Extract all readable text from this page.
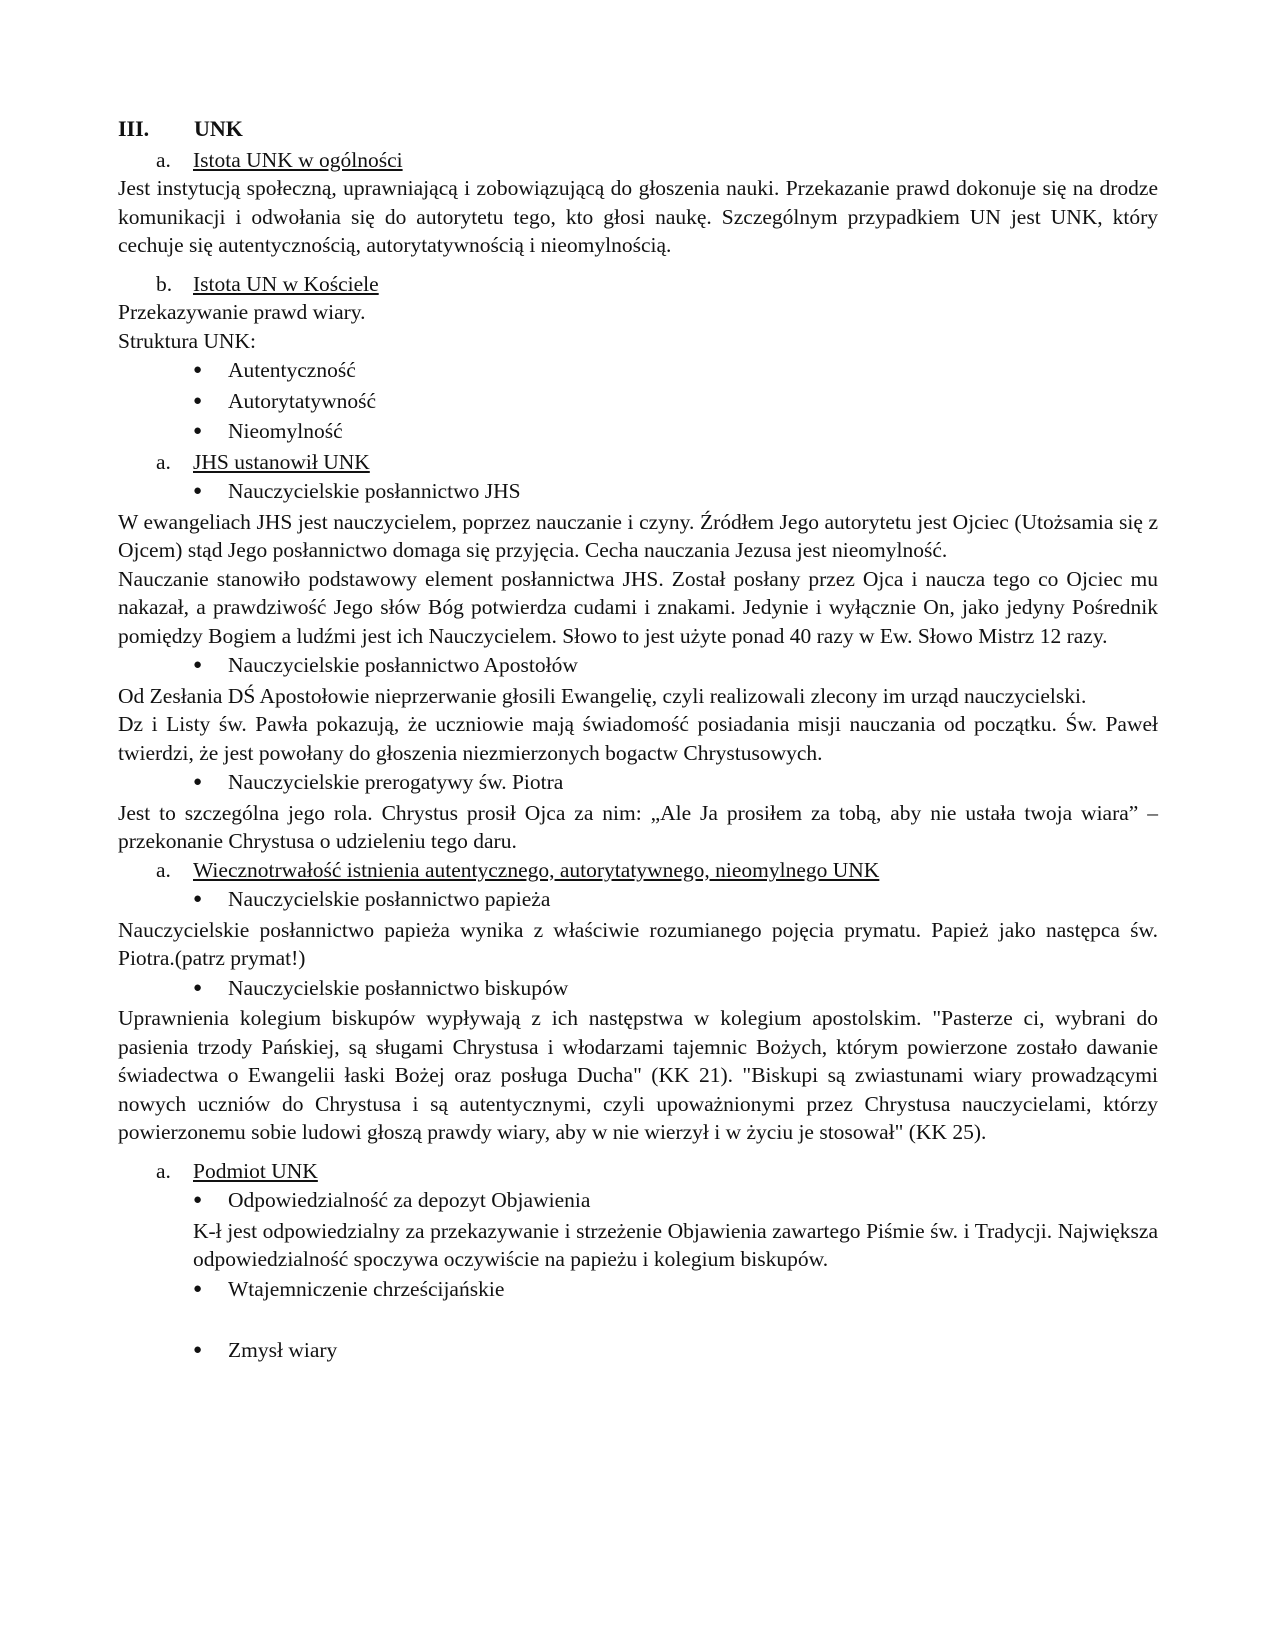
III.	UNK
a.	Istota UNK w ogólności

Jest instytucją społeczną, uprawniającą i zobowiązującą do głoszenia nauki. Przekazanie prawd dokonuje się na drodze komunikacji i odwołania się do autorytetu tego, kto głosi naukę. Szczególnym przypadkiem UN jest UNK, który cechuje się autentycznością, autorytatywnością i nieomylnością.

b. Istota UN w Kościele

Przekazywanie prawd wiary.

Struktura UNK:

●	Autentyczność
●	Autorytatywność
●	Nieomylność
a.	JHS ustanowił UNK
●	Nauczycielskie posłannictwo JHS

W ewangeliach JHS jest nauczycielem, poprzez nauczanie i czyny. Źródłem Jego autorytetu jest Ojciec (Utożsamia się z Ojcem) stąd Jego posłannictwo domaga się przyjęcia. Cecha nauczania Jezusa jest nieomylność.

Nauczanie stanowiło podstawowy element posłannictwa JHS. Został posłany przez Ojca i naucza tego co Ojciec mu nakazał, a prawdziwość Jego słów Bóg potwierdza cudami i znakami. Jedynie i wyłącznie On, jako jedyny Pośrednik pomiędzy Bogiem a ludźmi jest ich Nauczycielem. Słowo to jest użyte ponad 40 razy w Ew. Słowo Mistrz 12 razy.

●	Nauczycielskie posłannictwo Apostołów

Od Zesłania DŚ Apostołowie nieprzerwanie głosili Ewangelię, czyli realizowali zlecony im urząd nauczycielski.

Dz i Listy św. Pawła pokazują, że uczniowie mają świadomość posiadania misji nauczania od początku. Św. Paweł twierdzi, że jest powołany do głoszenia niezmierzonych bogactw Chrystusowych.

●	Nauczycielskie prerogatywy św. Piotra

Jest to szczególna jego rola. Chrystus prosił Ojca za nim: „Ale Ja prosiłem za tobą, aby nie ustała twoja wiara” – przekonanie Chrystusa o udzieleniu tego daru.

a.	Wiecznotrwałość istnienia autentycznego, autorytatywnego, nieomylnego UNK
●	Nauczycielskie posłannictwo papieża

Nauczycielskie posłannictwo papieża wynika z właściwie rozumianego pojęcia prymatu. Papież jako następca św. Piotra.(patrz prymat!)

●	Nauczycielskie posłannictwo biskupów

Uprawnienia kolegium biskupów wypływają z ich następstwa w kolegium apostolskim. "Pasterze ci, wybrani do pasienia trzody Pańskiej, są sługami Chrystusa i włodarzami tajemnic Bożych, którym powierzone zostało dawanie świadectwa o Ewangelii łaski Bożej oraz posługa Ducha" (KK 21). "Biskupi są zwiastunami wiary prowadzącymi nowych uczniów do Chrystusa i są autentycznymi, czyli upoważnionymi przez Chrystusa nauczycielami, którzy powierzonemu sobie ludowi głoszą prawdy wiary, aby w nie wierzył i w życiu je stosował" (KK 25).

a.	Podmiot UNK
●	Odpowiedzialność za depozyt Objawienia

K-ł jest odpowiedzialny za przekazywanie i strzeżenie Objawienia zawartego Piśmie św. i Tradycji. Największa odpowiedzialność spoczywa oczywiście na papieżu i kolegium biskupów.

●	Wtajemniczenie chrześcijańskie
●	Zmysł wiary
